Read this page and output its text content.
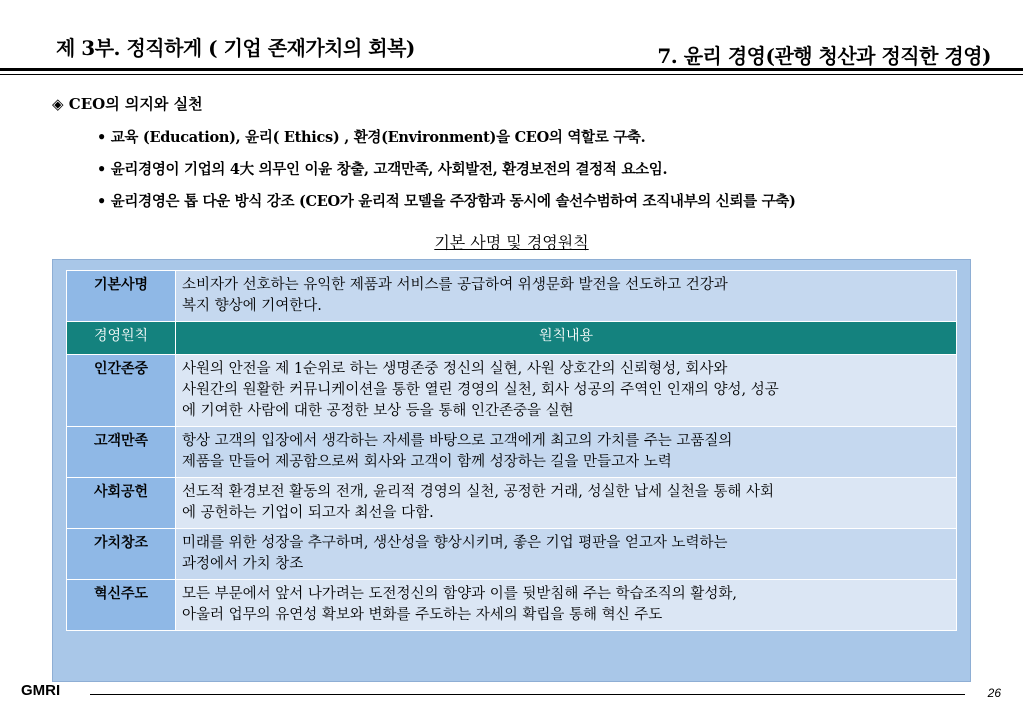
제 3부. 정직하게 ( 기업 존재가치의 회복)	7. 윤리 경영(관행 청산과 정직한 경영)
◈ CEO의 의지와 실천
• 교육 (Education), 윤리( Ethics) , 환경(Environment)을 CEO의 역할로 구축.
• 윤리경영이 기업의 4大 의무인 이윤 창출, 고객만족, 사회발전, 환경보전의 결정적 요소임.
• 윤리경영은 톱 다운 방식 강조 (CEO가 윤리적 모델을 주장함과 동시에 솔선수범하여 조직내부의 신뢰를 구축)
기본 사명 및 경영원칙
기본사명	소비자가 선호하는 유익한 제품과 서비스를 공급하여 위생문화 발전을 선도하고 건강과
복지 향상에 기여한다.

경영원칙	원칙내용
인간존중	사원의 안전을 제 1순위로 하는 생명존중 정신의 실현, 사원 상호간의 신뢰형성, 회사와
사원간의 원활한 커뮤니케이션을 통한 열린 경영의 실천, 회사 성공의 주역인 인재의 양성, 성공
에 기여한 사람에 대한 공정한 보상 등을 통해 인간존중을 실현

고객만족	항상 고객의 입장에서 생각하는 자세를 바탕으로 고객에게 최고의 가치를 주는 고품질의
제품을 만들어 제공함으로써 회사와 고객이 함께 성장하는 길을 만들고자 노력

사회공헌	선도적 환경보전 활동의 전개, 윤리적 경영의 실천, 공정한 거래, 성실한 납세 실천을 통해 사회
에 공헌하는 기업이 되고자 최선을 다함.

가치창조	미래를 위한 성장을 추구하며, 생산성을 향상시키며, 좋은 기업 평판을 얻고자 노력하는
과정에서 가치 창조

혁신주도	모든 부문에서 앞서 나가려는 도전정신의 함양과 이를 뒷받침해 주는 학습조직의 활성화,
아울러 업무의 유연성 확보와 변화를 주도하는 자세의 확립을 통해 혁신 주도
GMRI	26
